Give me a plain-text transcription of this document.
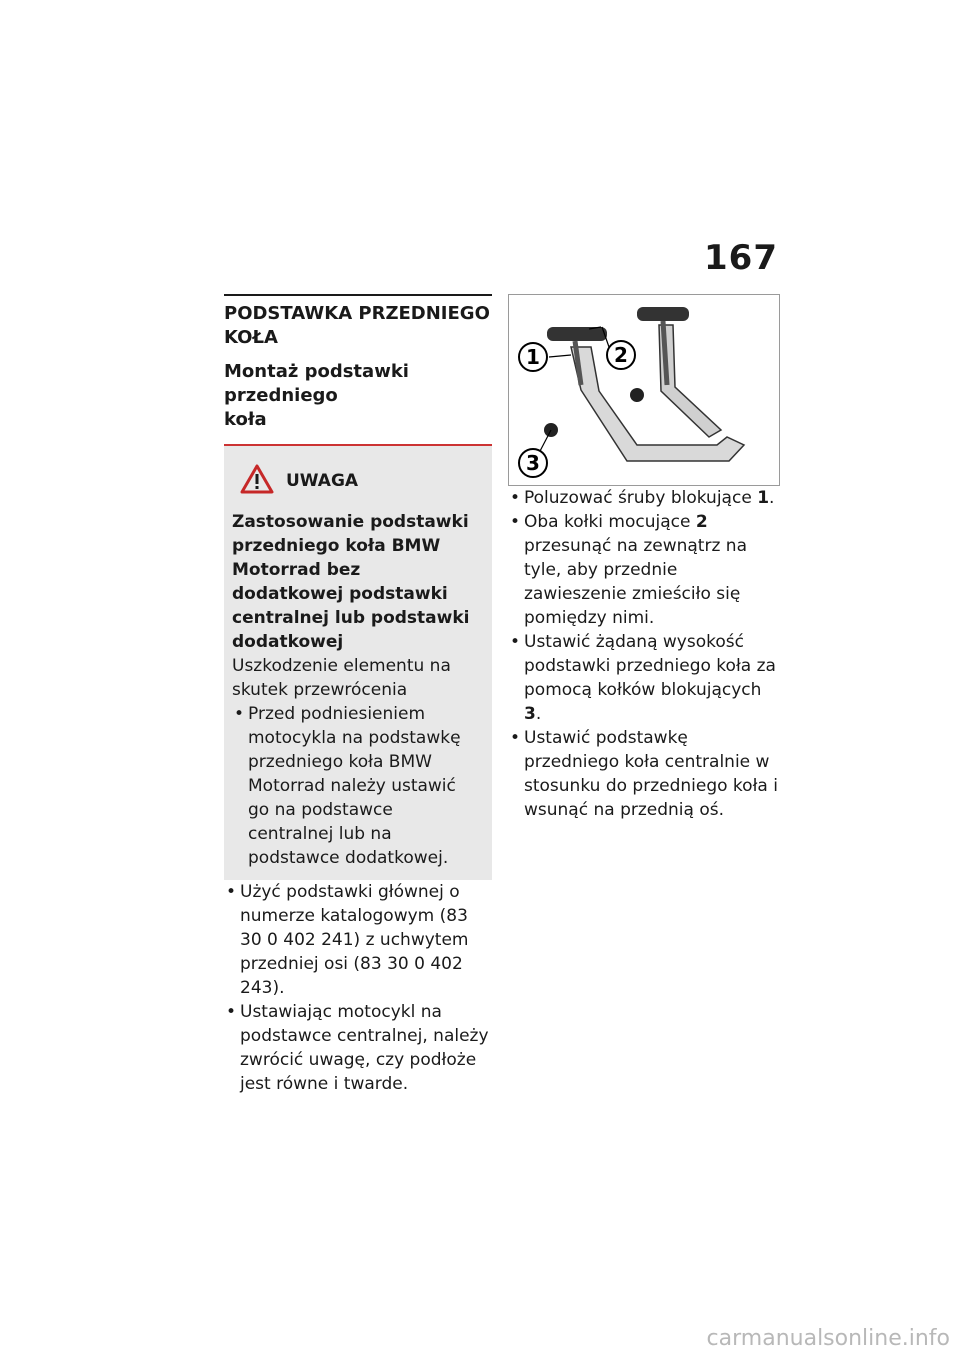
167
PODSTAWKA PRZEDNIEGO
KOŁA
Montaż podstawki przedniego
koła
UWAGA
Zastosowanie podstawki przedniego koła BMW Motorrad bez dodatkowej podstawki centralnej lub podstawki dodatkowej
Uszkodzenie elementu na skutek przewrócenia
• Przed podniesieniem motocykla na podstawkę przedniego koła BMW Motorrad należy ustawić go na podstawce centralnej lub na podstawce dodatkowej.
• Użyć podstawki głównej o numerze katalogowym (83 30 0 402 241) z uchwytem przedniej osi (83 30 0 402 243).
• Ustawiając motocykl na podstawce centralnej, należy zwrócić uwagę, czy podłoże jest równe i twarde.
1	2
3
• Poluzować śruby blokujące 1.
• Oba kołki mocujące 2 przesunąć na zewnątrz na tyle, aby przednie zawieszenie zmieściło się pomiędzy nimi.
• Ustawić żądaną wysokość podstawki przedniego koła za pomocą kołków blokujących 3.
• Ustawić podstawkę przedniego koła centralnie w stosunku do przedniego koła i wsunąć na przednią oś.
carmanualsonline.info
